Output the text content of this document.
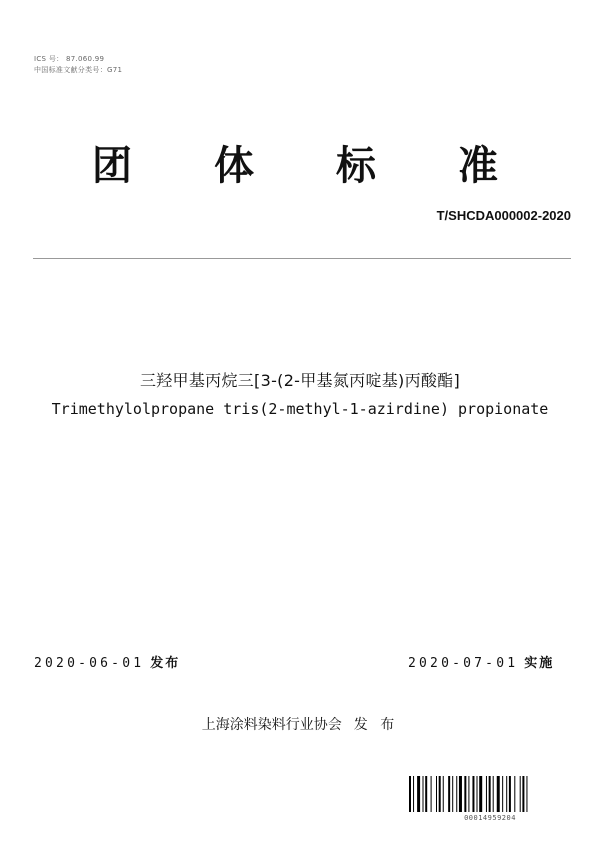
ICS 号： 87.060.99
中国标准文献分类号：G71
团 体 标 准
T/SHCDA000002-2020
三羟甲基丙烷三[3-(2-甲基氮丙啶基)丙酸酯]
Trimethylolpropane tris(2-methyl-1-azirdine) propionate
2020-06-01 发布	2020-07-01 实施
上海涂料染料行业协会 发 布
00014959204
